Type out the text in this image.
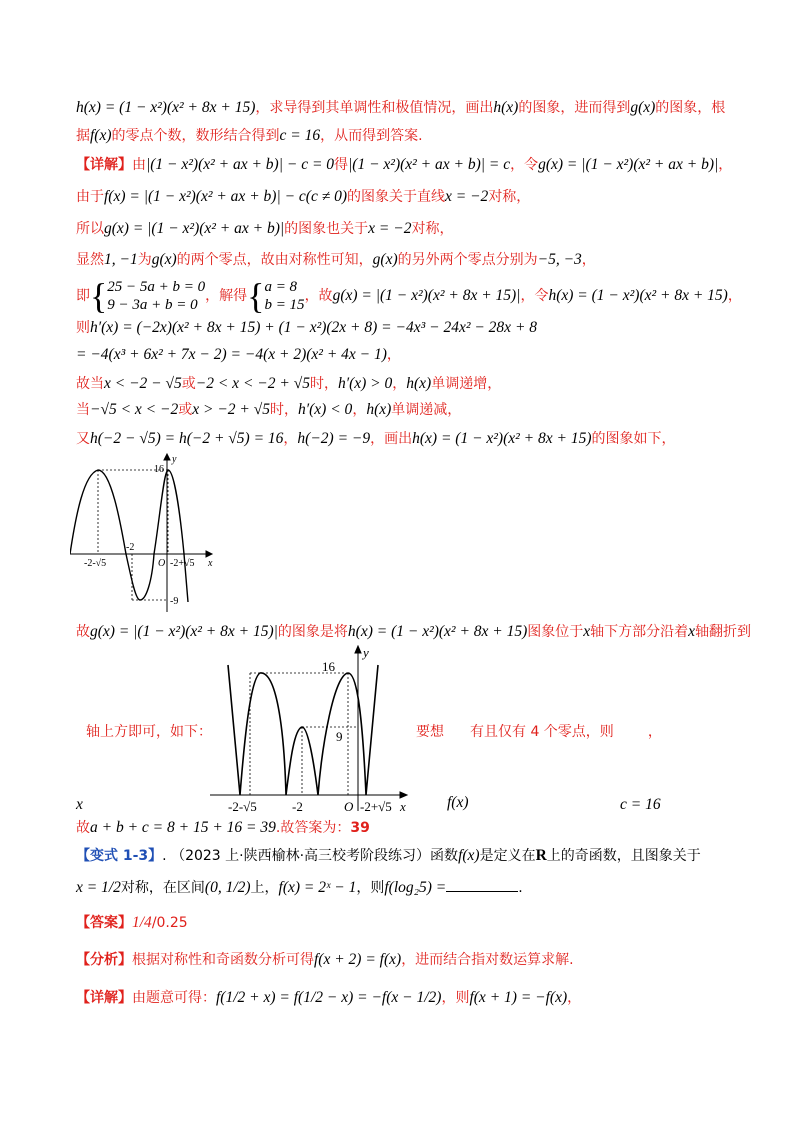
h(x) = (1 − x²)(x² + 8x + 15)，求导得到其单调性和极值情况，画出h(x)的图象，进而得到g(x)的图象，根
据f(x)的零点个数，数形结合得到c = 16，从而得到答案.
【详解】由|(1 − x²)(x² + ax + b)| − c = 0得|(1 − x²)(x² + ax + b)| = c，令g(x) = |(1 − x²)(x² + ax + b)|，
由于f(x) = |(1 − x²)(x² + ax + b)| − c(c ≠ 0)的图象关于直线x = −2对称，
所以g(x) = |(1 − x²)(x² + ax + b)|的图象也关于x = −2对称，
显然1, −1为g(x)的两个零点，故由对称性可知，g(x)的另外两个零点分别为−5, −3，
即{25 − 5a + b = 0
9 − 3a + b = 0，解得{a = 8
b = 15，故g(x) = |(1 − x²)(x² + 8x + 15)|，令h(x) = (1 − x²)(x² + 8x + 15)，
则h′(x) = (−2x)(x² + 8x + 15) + (1 − x²)(2x + 8) = −4x³ − 24x² − 28x + 8
= −4(x³ + 6x² + 7x − 2) = −4(x + 2)(x² + 4x − 1)，
故当x < −2 − √5或−2 < x < −2 + √5时，h′(x) > 0，h(x)单调递增，
当−√5 < x < −2或x > −2 + √5时，h′(x) < 0，h(x)单调递减，
又h(−2 − √5) = h(−2 + √5) = 16，h(−2) = −9，画出h(x) = (1 − x²)(x² + 8x + 15)的图象如下，
y
x
O
16
-9
-2
-2-√5	-2+√5
故g(x) = |(1 − x²)(x² + 8x + 15)|的图象是将h(x) = (1 − x²)(x² + 8x + 15)图象位于x轴下方部分沿着x轴翻折到
y
x
O
16
9
-2
-2-√5	-2+√5
轴上方即可，如下：	要想 有且仅有 4 个零点，则 ，
x	f(x)	c = 16
故a + b + c = 8 + 15 + 16 = 39.故答案为：39
【变式 1-3】. （2023 上·陕西榆林·高三校考阶段练习）函数f(x)是定义在R上的奇函数，且图象关于
x = 1/2对称，在区间(0, 1/2)上，f(x) = 2ˣ − 1，则f(log₂5) =	.
【答案】1/4/0.25
【分析】根据对称性和奇函数分析可得f(x + 2) = f(x)，进而结合指对数运算求解.
【详解】由题意可得：f(1/2 + x) = f(1/2 − x) = −f(x − 1/2)，则f(x + 1) = −f(x)，
